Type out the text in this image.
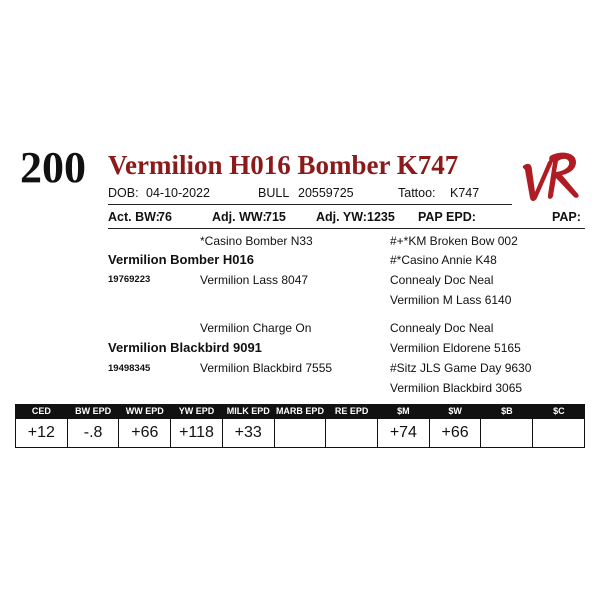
200 Vermilion H016 Bomber K747
DOB: 04-10-2022	BULL 20559725	Tattoo: K747
Act. BW:
76	Adj. WW:
715 Adj. YW: 1235 PAP EPD:	PAP:
*Casino Bomber N33
Vermilion Bomber H016
19769223	Vermilion Lass 8047
#+*KM Broken Bow 002
#*Casino Annie K48
Connealy Doc Neal
Vermilion M Lass 6140
Vermilion Charge On
Vermilion Blackbird 9091
19498345	Vermilion Blackbird 7555
Connealy Doc Neal
Vermilion Eldorene 5165
#Sitz JLS Game Day 9630
Vermilion Blackbird 3065
CED	BW EPD	WW EPD	YW EPD	MILK EPD	MARB EPD	RE EPD	$M	$W	$B	$C
+12	-.8	+66	+118	+33			+74	+66		
